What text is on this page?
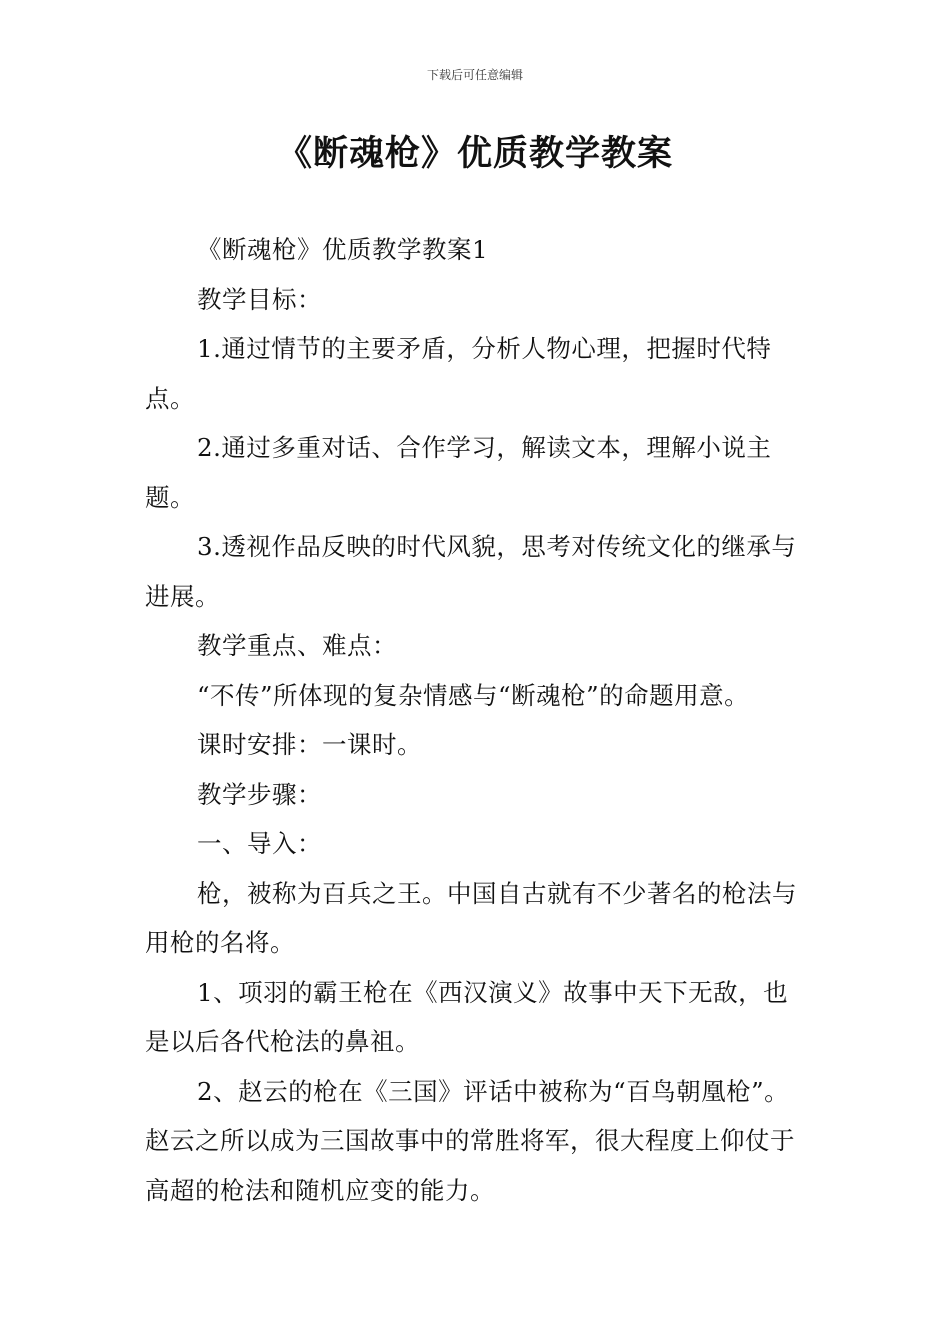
下载后可任意编辑
《断魂枪》优质教学教案

《断魂枪》优质教学教案1

教学目标：

1.通过情节的主要矛盾，分析人物心理，把握时代特点。

2.通过多重对话、合作学习，解读文本，理解小说主题。

3.透视作品反映的时代风貌，思考对传统文化的继承与进展。

教学重点、难点：

“不传”所体现的复杂情感与“断魂枪”的命题用意。

课时安排：一课时。

教学步骤：

一、导入：

枪，被称为百兵之王。中国自古就有不少著名的枪法与用枪的名将。

1、项羽的霸王枪在《西汉演义》故事中天下无敌，也是以后各代枪法的鼻祖。

2、赵云的枪在《三国》评话中被称为“百鸟朝凰枪”。赵云之所以成为三国故事中的常胜将军，很大程度上仰仗于高超的枪法和随机应变的能力。
